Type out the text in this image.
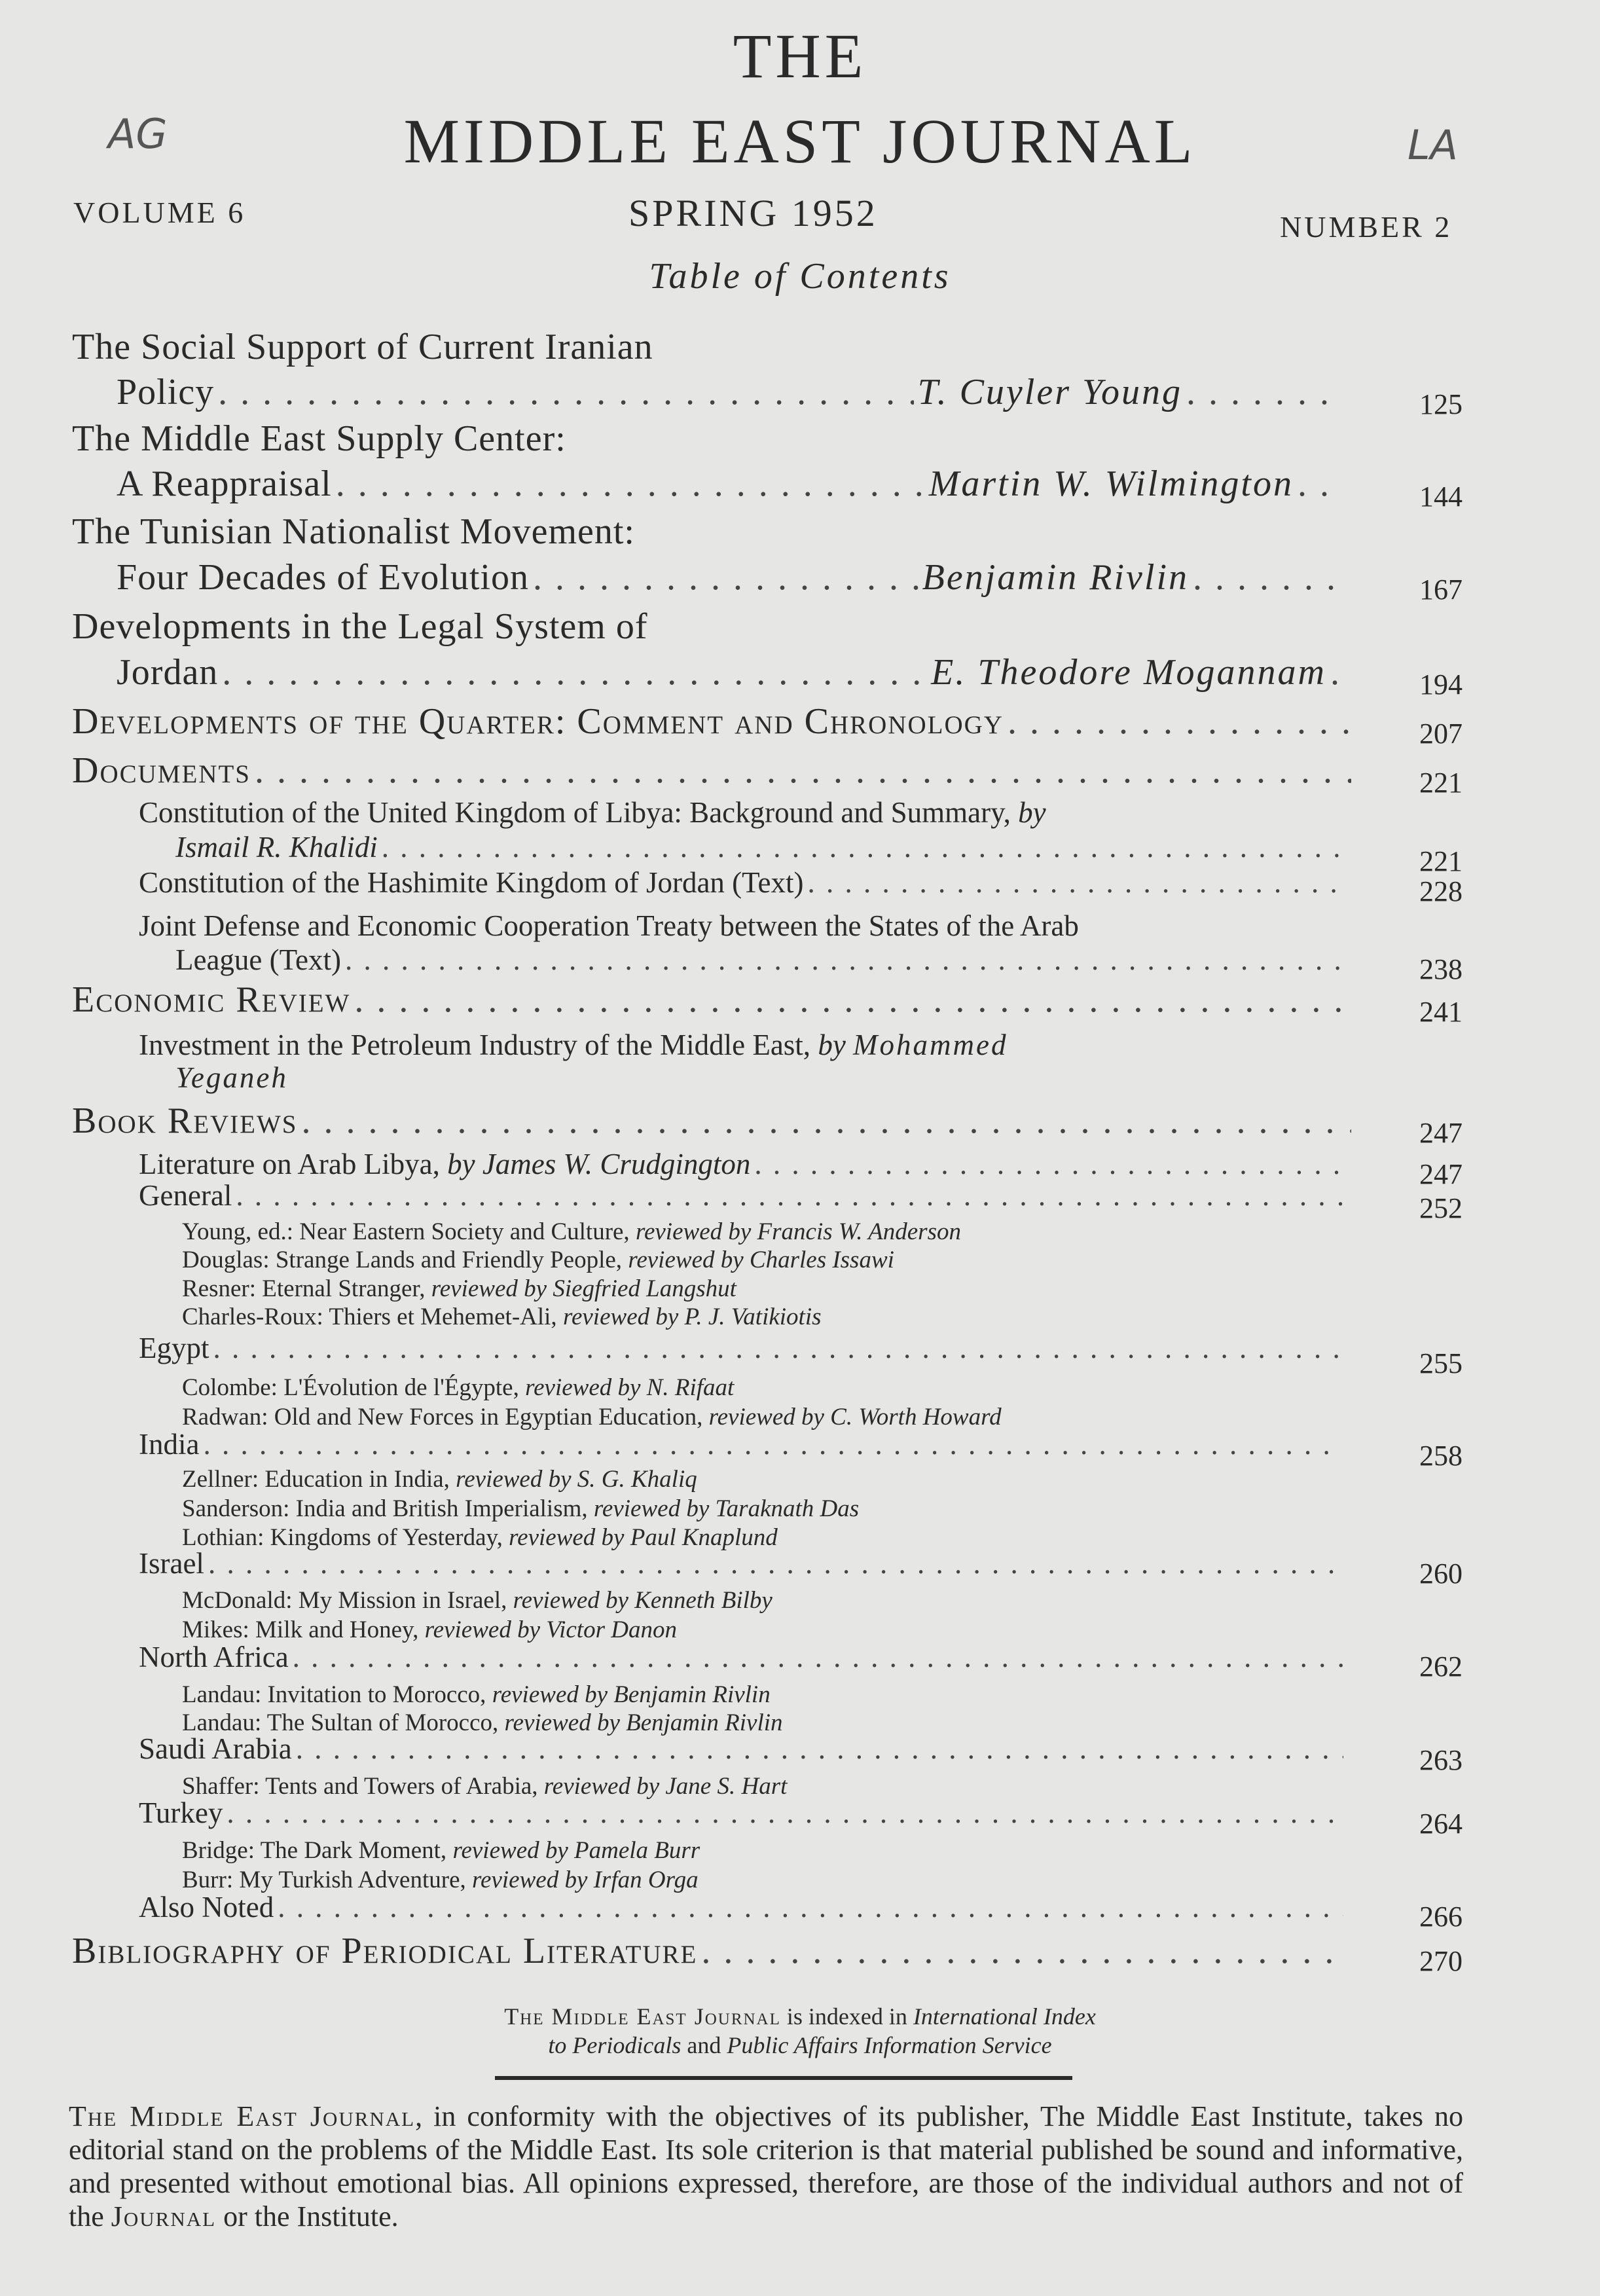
THE
MIDDLE EAST JOURNAL
AG	LA
VOLUME 6	SPRING 1952	NUMBER 2
Table of Contents
The Social Support of Current Iranian
Policy . . .	T. Cuyler Young . . .	125
The Middle East Supply Center:
A Reappraisal . . .	Martin W. Wilmington . . .	144
The Tunisian Nationalist Movement:
Four Decades of Evolution . . .	Benjamin Rivlin . . .	167
Developments in the Legal System of
Jordan . . .	E. Theodore Mogannam . . .	194
Developments of the Quarter: Comment and Chronology . . .	207
Documents . . .	221
Constitution of the United Kingdom of Libya: Background and Summary, by
Ismail R. Khalidi . . .	221
Constitution of the Hashimite Kingdom of Jordan (Text) . . .	228
Joint Defense and Economic Cooperation Treaty between the States of the Arab
League (Text) . . .	238
Economic Review . . .	241
Investment in the Petroleum Industry of the Middle East, by Mohammed
Yeganeh
Book Reviews . . .	247
Literature on Arab Libya,
by
James W. Crudgington . . .	247
General . . .	252
Young, ed.: Near Eastern Society and Culture, reviewed by Francis W. Anderson
Douglas: Strange Lands and Friendly People, reviewed by Charles Issawi
Resner: Eternal Stranger, reviewed by Siegfried Langshut
Charles-Roux: Thiers et Mehemet-Ali, reviewed by P. J. Vatikiotis
Egypt . . .	255
Colombe: L'Évolution de l'Égypte, reviewed by N. Rifaat
Radwan: Old and New Forces in Egyptian Education, reviewed by C. Worth Howard
India . . .	258
Zellner: Education in India, reviewed by S. G. Khaliq
Sanderson: India and British Imperialism, reviewed by Taraknath Das
Lothian: Kingdoms of Yesterday, reviewed by Paul Knaplund
Israel . . .	260
McDonald: My Mission in Israel, reviewed by Kenneth Bilby
Mikes: Milk and Honey, reviewed by Victor Danon
North Africa . . .	262
Landau: Invitation to Morocco, reviewed by Benjamin Rivlin
Landau: The Sultan of Morocco, reviewed by Benjamin Rivlin
Saudi Arabia . . .	263
Shaffer: Tents and Towers of Arabia, reviewed by Jane S. Hart
Turkey . . .	264
Bridge: The Dark Moment, reviewed by Pamela Burr
Burr: My Turkish Adventure, reviewed by Irfan Orga
Also Noted . . .	266
Bibliography of Periodical Literature . . .	270
The Middle East Journal is indexed in International Index
to Periodicals and Public Affairs Information Service
The Middle East Journal, in conformity with the objectives of its publisher, The Middle East Institute, takes no editorial stand on the problems of the Middle East. Its sole criterion is that material published be sound and informative, and presented without emotional bias. All opinions expressed, therefore, are those of the individual authors and not of the Journal or the Institute.
